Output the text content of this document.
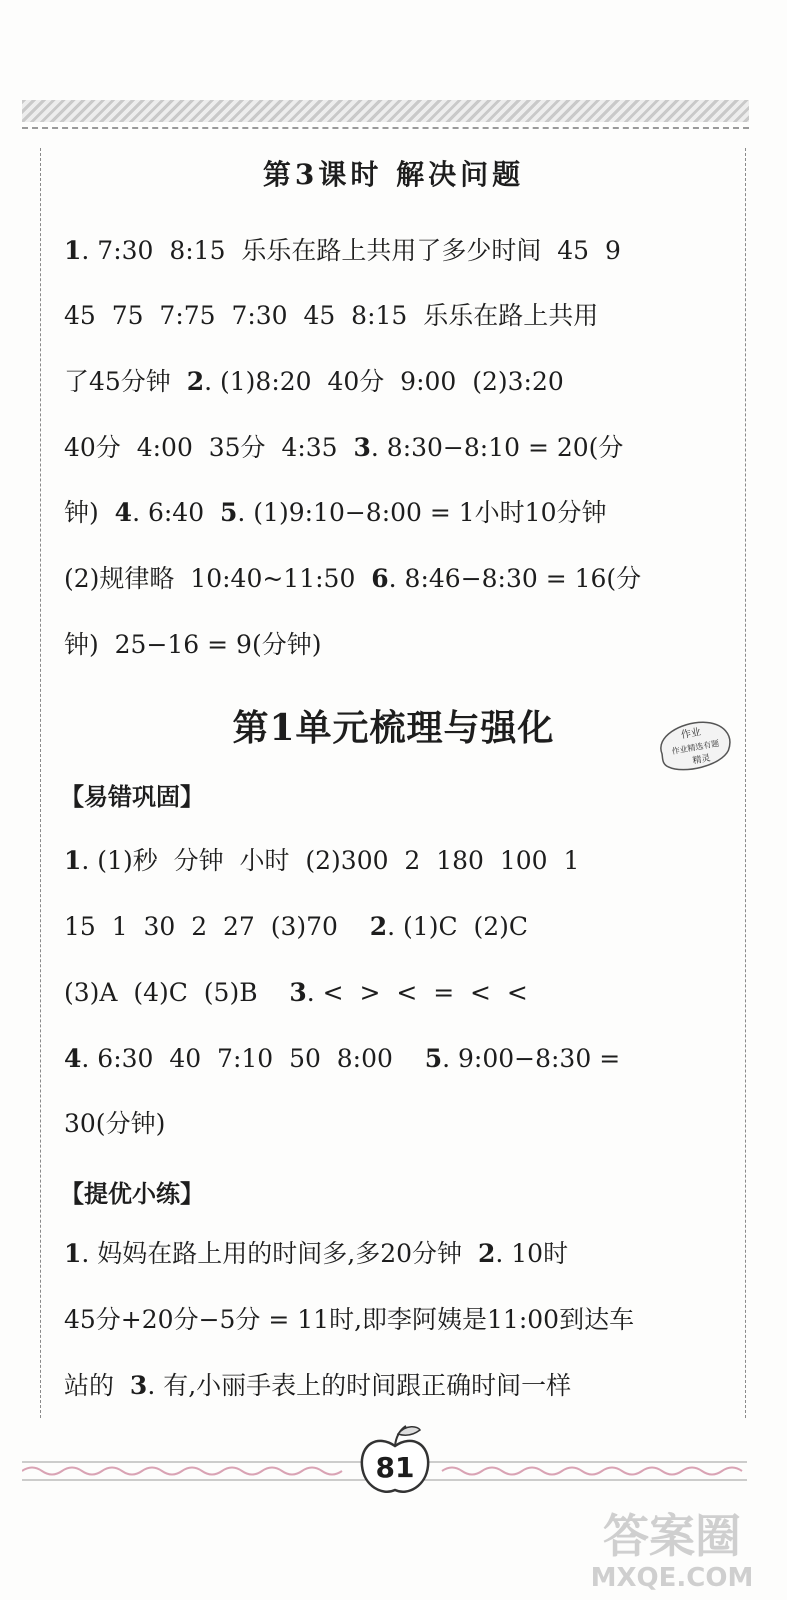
第3课时 解决问题
1. 7:30  8:15  乐乐在路上共用了多少时间  45  9
45  75  7:75  7:30  45  8:15  乐乐在路上共用
了45分钟  2. (1)8:20  40分  9:00  (2)3:20
40分  4:00  35分  4:35  3. 8:30−8:10 = 20(分
钟)  4. 6:40  5. (1)9:10−8:00 = 1小时10分钟
(2)规律略  10:40~11:50  6. 8:46−8:30 = 16(分
钟)  25−16 = 9(分钟)
第1单元梳理与强化	作业
作业精选有题
精灵
【易错巩固】
1. (1)秒  分钟  小时  (2)300  2  180  100  1
15  1  30  2  27  (3)70    2. (1)C  (2)C
(3)A  (4)C  (5)B    3. <  >  <  =  <  <
4. 6:30  40  7:10  50  8:00    5. 9:00−8:30 =
30(分钟)
【提优小练】
1. 妈妈在路上用的时间多,多20分钟  2. 10时
45分+20分−5分 = 11时,即李阿姨是11:00到达车
站的  3. 有,小丽手表上的时间跟正确时间一样
81
答案圈
MXQE.COM
